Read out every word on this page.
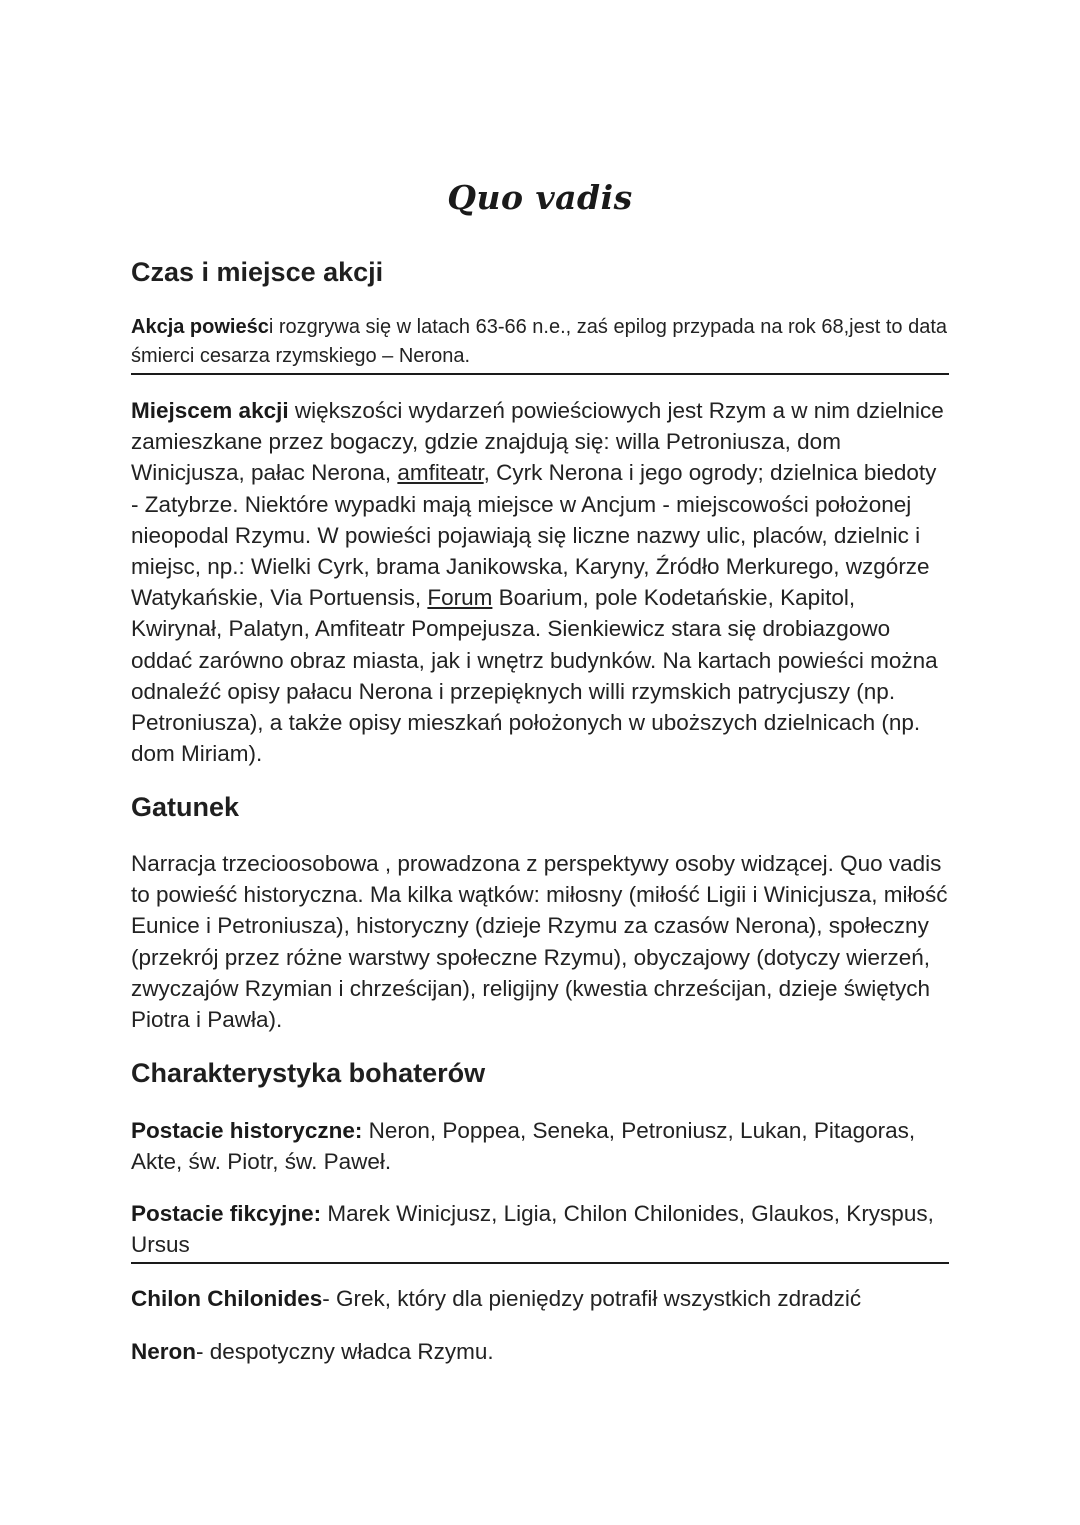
Quo vadis
Czas i miejsce akcji

Akcja powieści rozgrywa się w latach 63-66 n.e., zaś epilog przypada na rok 68,jest to data śmierci cesarza rzymskiego – Nerona.

Miejscem akcji większości wydarzeń powieściowych jest Rzym a w nim dzielnice zamieszkane przez bogaczy, gdzie znajdują się: willa Petroniusza, dom Winicjusza, pałac Nerona, amfiteatr, Cyrk Nerona i jego ogrody; dzielnica biedoty - Zatybrze. Niektóre wypadki mają miejsce w Ancjum - miejscowości położonej nieopodal Rzymu. W powieści pojawiają się liczne nazwy ulic, placów, dzielnic i miejsc, np.: Wielki Cyrk, brama Janikowska, Karyny, Źródło Merkurego, wzgórze Watykańskie, Via Portuensis, Forum Boarium, pole Kodetańskie, Kapitol, Kwirynał, Palatyn, Amfiteatr Pompejusza. Sienkiewicz stara się drobiazgowo oddać zarówno obraz miasta, jak i wnętrz budynków. Na kartach powieści można odnaleźć opisy pałacu Nerona i przepięknych willi rzymskich patrycjuszy (np. Petroniusza), a także opisy mieszkań położonych w uboższych dzielnicach (np. dom Miriam).

Gatunek

Narracja trzecioosobowa , prowadzona z perspektywy osoby widzącej. Quo vadis to powieść historyczna. Ma kilka wątków: miłosny (miłość Ligii i Winicjusza, miłość Eunice i Petroniusza), historyczny (dzieje Rzymu za czasów Nerona), społeczny (przekrój przez różne warstwy społeczne Rzymu), obyczajowy (dotyczy wierzeń, zwyczajów Rzymian i chrześcijan), religijny (kwestia chrześcijan, dzieje świętych Piotra i Pawła).

Charakterystyka bohaterów

Postacie historyczne: Neron, Poppea, Seneka, Petroniusz, Lukan, Pitagoras, Akte, św. Piotr, św. Paweł.

Postacie fikcyjne: Marek Winicjusz, Ligia, Chilon Chilonides, Glaukos, Kryspus, Ursus

Chilon Chilonides- Grek, który dla pieniędzy potrafił wszystkich zdradzić

Neron- despotyczny władca Rzymu.
